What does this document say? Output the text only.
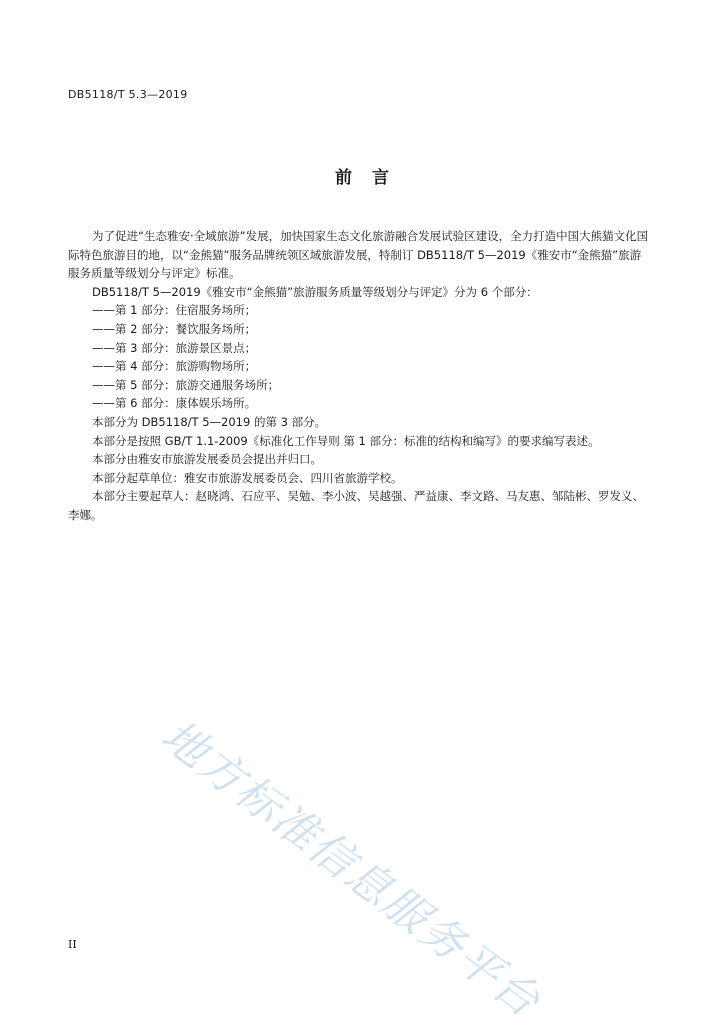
DB5118/T 5.3—2019
前言

为了促进“生态雅安·全域旅游”发展，加快国家生态文化旅游融合发展试验区建设，全力打造中国大熊猫文化国际特色旅游目的地，以“金熊猫”服务品牌统领区域旅游发展，特制订 DB5118/T 5—2019《雅安市“金熊猫”旅游服务质量等级划分与评定》标准。

DB5118/T 5—2019《雅安市“金熊猫”旅游服务质量等级划分与评定》分为 6 个部分：

——第 1 部分：住宿服务场所；

——第 2 部分：餐饮服务场所；

——第 3 部分：旅游景区景点；

——第 4 部分：旅游购物场所；

——第 5 部分：旅游交通服务场所；

——第 6 部分：康体娱乐场所。

本部分为 DB5118/T 5—2019 的第 3 部分。

本部分是按照 GB/T 1.1-2009《标准化工作导则 第 1 部分：标准的结构和编写》的要求编写表述。

本部分由雅安市旅游发展委员会提出并归口。

本部分起草单位：雅安市旅游发展委员会、四川省旅游学校。

本部分主要起草人：赵晓鸿、石应平、吴勉、李小波、吴越强、严益康、李文路、马友惠、邹陆彬、罗发义、李娜。

地方标准信息服务平台
II
